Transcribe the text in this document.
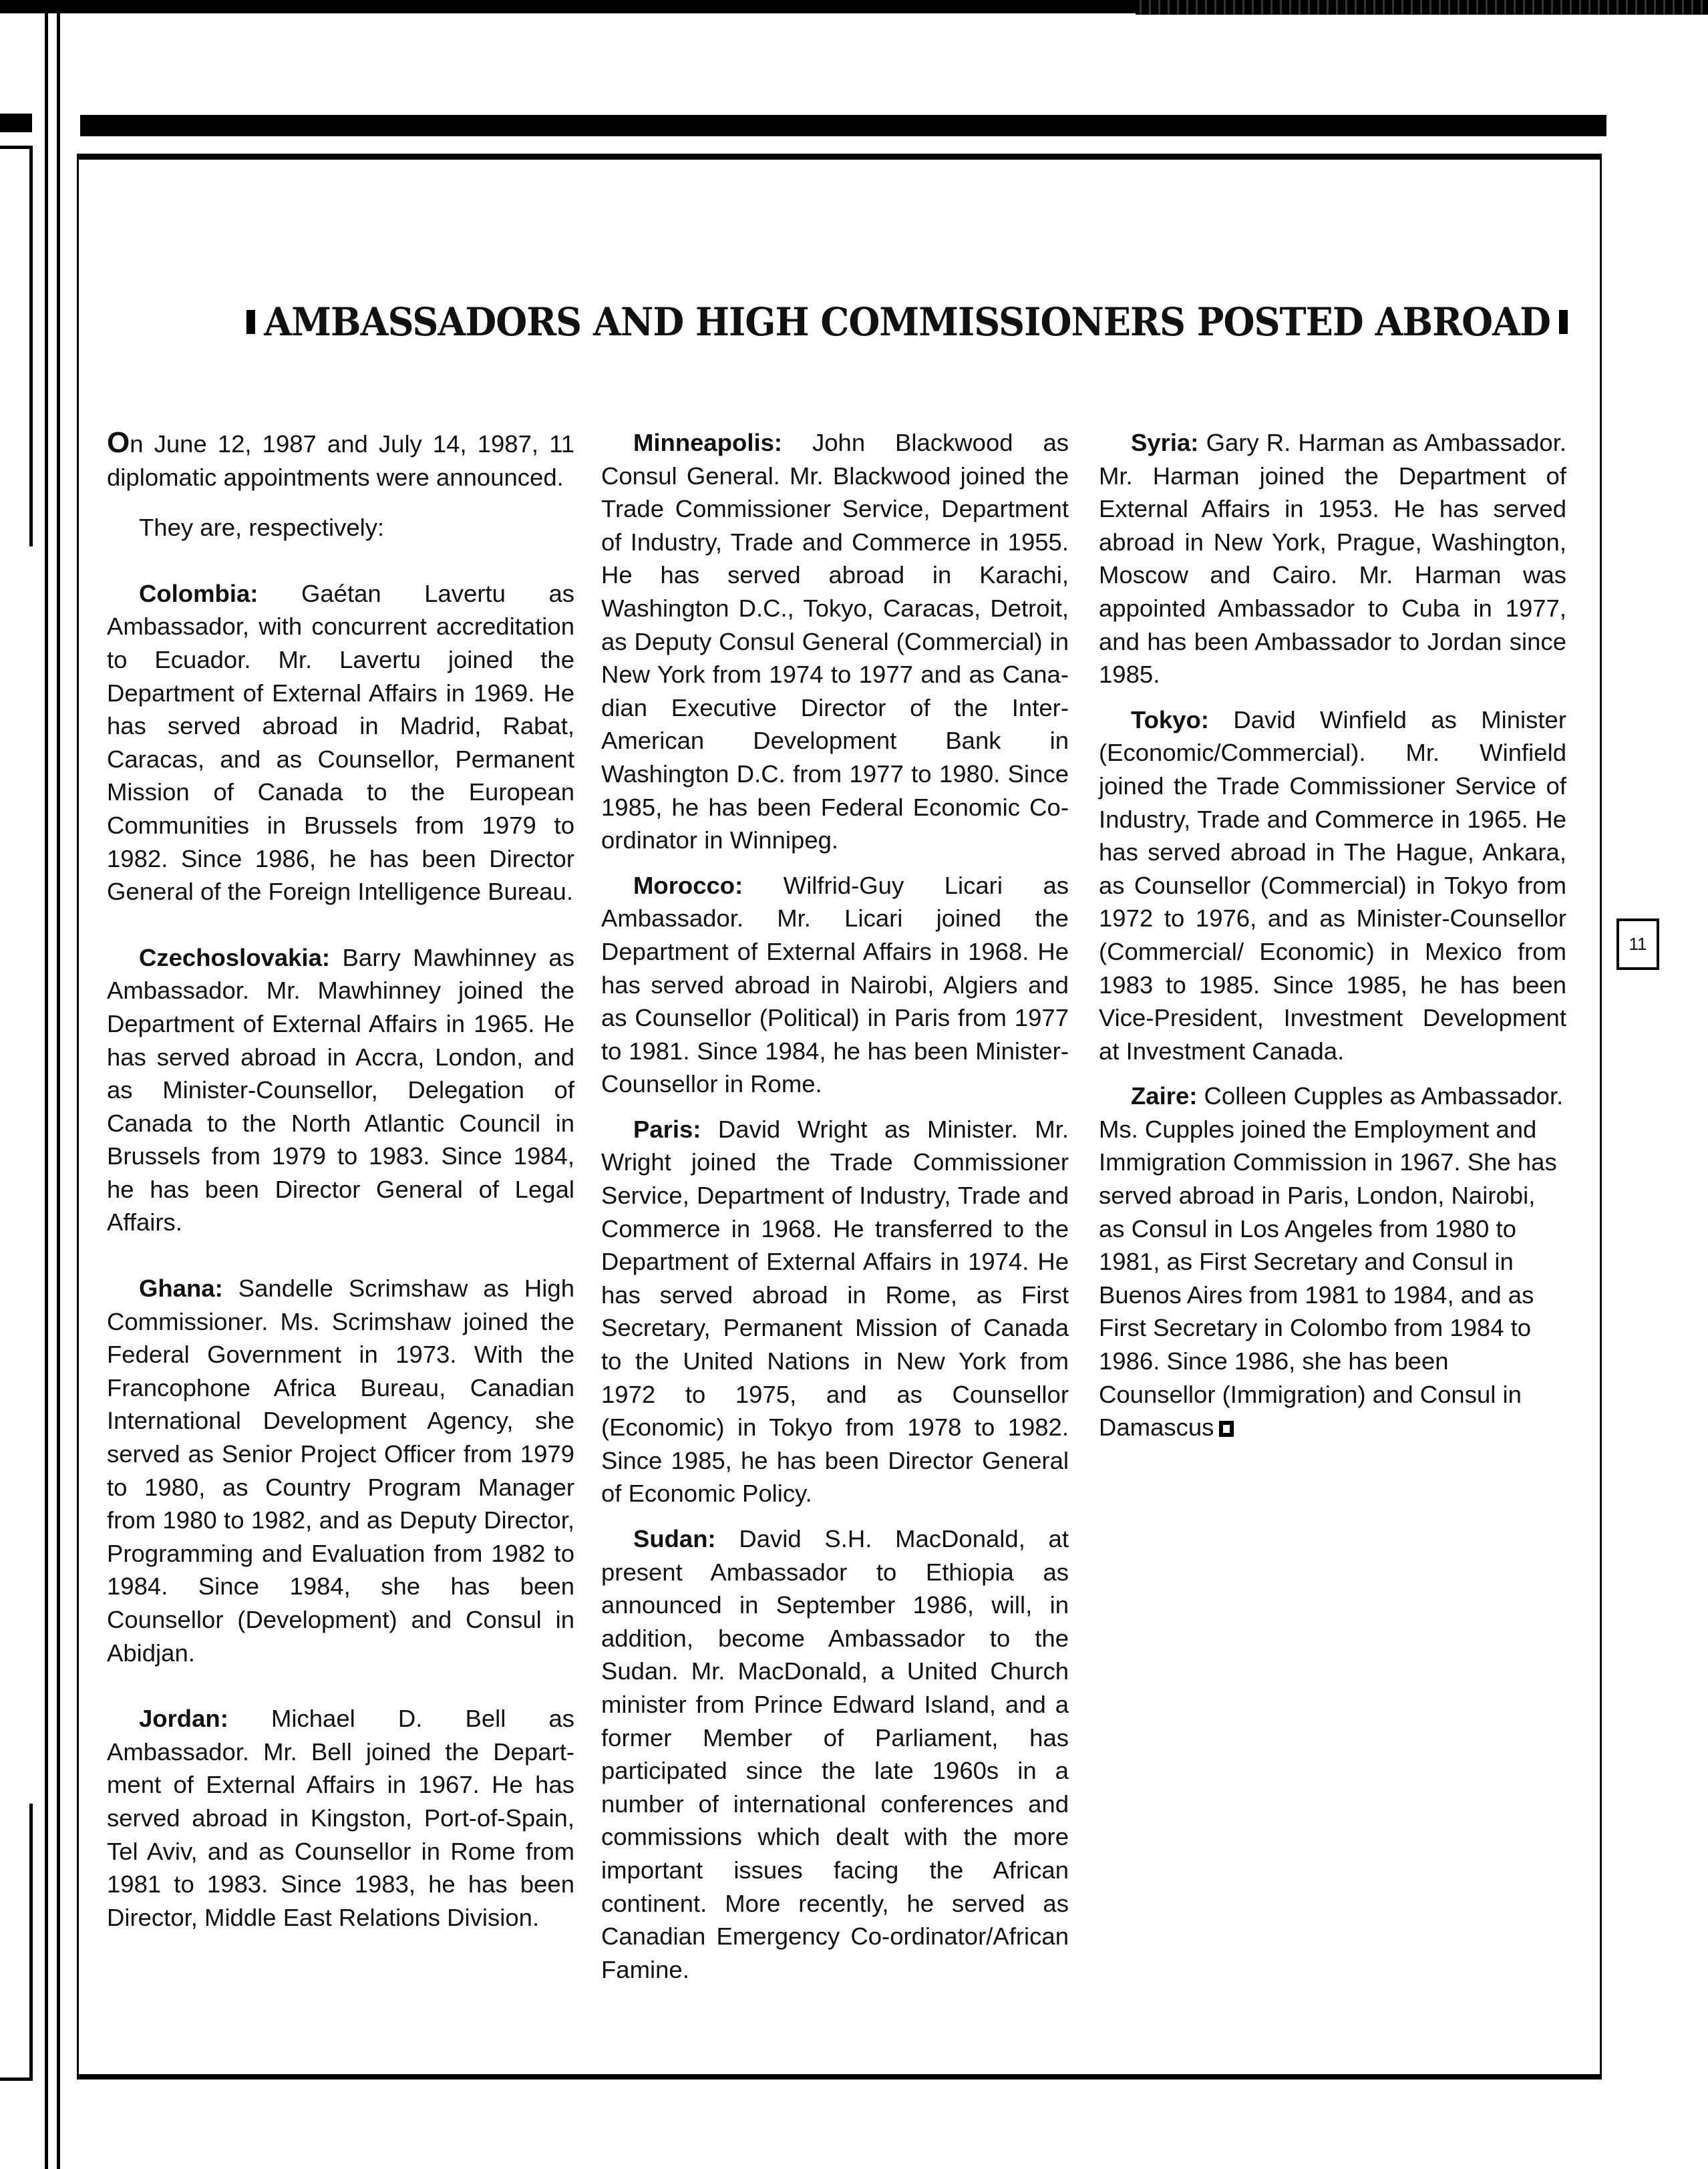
AMBASSADORS AND HIGH COMMISSIONERS POSTED ABROAD

On June 12, 1987 and July 14, 1987, 11 diplomatic appointments were announced.

They are, respectively:

Colombia: Gaétan Lavertu as Ambassador, with concurrent accreditation to Ecuador. Mr. Lavertu joined the Department of External Affairs in 1969. He has served abroad in Madrid, Rabat, Caracas, and as Counsellor, Permanent Mission of Canada to the European Communities in Brussels from 1979 to 1982. Since 1986, he has been Director General of the Foreign Intelligence Bureau.

Czechoslovakia: Barry Mawhinney as Ambassador. Mr. Mawhinney joined the Department of External Affairs in 1965. He has served abroad in Accra, London, and as Minister-Counsellor, Delegation of Canada to the North Atlantic Council in Brussels from 1979 to 1983. Since 1984, he has been Director General of Legal Affairs.

Ghana: Sandelle Scrimshaw as High Commissioner. Ms. Scrimshaw joined the Federal Government in 1973. With the Francophone Africa Bureau, Canadian International Development Agency, she served as Senior Project Officer from 1979 to 1980, as Country Program Manager from 1980 to 1982, and as Deputy Director, Programming and Evaluation from 1982 to 1984. Since 1984, she has been Counsellor (Development) and Consul in Abidjan.

Jordan: Michael D. Bell as Ambassador. Mr. Bell joined the Department of External Affairs in 1967. He has served abroad in Kingston, Port-of-Spain, Tel Aviv, and as Counsellor in Rome from 1981 to 1983. Since 1983, he has been Director, Middle East Relations Division.

Minneapolis: John Blackwood as Consul General. Mr. Blackwood joined the Trade Commissioner Service, Department of Industry, Trade and Commerce in 1955. He has served abroad in Karachi, Washington D.C., Tokyo, Caracas, Detroit, as Deputy Consul General (Commercial) in New York from 1974 to 1977 and as Canadian Executive Director of the Inter-American Development Bank in Washington D.C. from 1977 to 1980. Since 1985, he has been Federal Economic Co-ordinator in Winnipeg.

Morocco: Wilfrid-Guy Licari as Ambassador. Mr. Licari joined the Department of External Affairs in 1968. He has served abroad in Nairobi, Algiers and as Counsellor (Political) in Paris from 1977 to 1981. Since 1984, he has been Minister-Counsellor in Rome.

Paris: David Wright as Minister. Mr. Wright joined the Trade Commissioner Service, Department of Industry, Trade and Commerce in 1968. He transferred to the Department of External Affairs in 1974. He has served abroad in Rome, as First Secretary, Permanent Mission of Canada to the United Nations in New York from 1972 to 1975, and as Counsellor (Economic) in Tokyo from 1978 to 1982. Since 1985, he has been Director General of Economic Policy.

Sudan: David S.H. MacDonald, at present Ambassador to Ethiopia as announced in September 1986, will, in addition, become Ambassador to the Sudan. Mr. MacDonald, a United Church minister from Prince Edward Island, and a former Member of Parliament, has participated since the late 1960s in a number of international conferences and commissions which dealt with the more important issues facing the African continent. More recently, he served as Canadian Emergency Co-ordinator/African Famine.

Syria: Gary R. Harman as Ambassador. Mr. Harman joined the Department of External Affairs in 1953. He has served abroad in New York, Prague, Washington, Moscow and Cairo. Mr. Harman was appointed Ambassador to Cuba in 1977, and has been Ambassador to Jordan since 1985.

Tokyo: David Winfield as Minister (Economic/Commercial). Mr. Winfield joined the Trade Commissioner Service of Industry, Trade and Commerce in 1965. He has served abroad in The Hague, Ankara, as Counsellor (Commercial) in Tokyo from 1972 to 1976, and as Minister-Counsellor (Commercial/ Economic) in Mexico from 1983 to 1985. Since 1985, he has been Vice-President, Investment Development at Investment Canada.

Zaire: Colleen Cupples as Ambassador. Ms. Cupples joined the Employment and Immigration Commission in 1967. She has served abroad in Paris, London, Nairobi, as Consul in Los Angeles from 1980 to 1981, as First Secretary and Consul in Buenos Aires from 1981 to 1984, and as First Secretary in Colombo from 1984 to 1986. Since 1986, she has been Counsellor (Immigration) and Consul in Damascus

11
